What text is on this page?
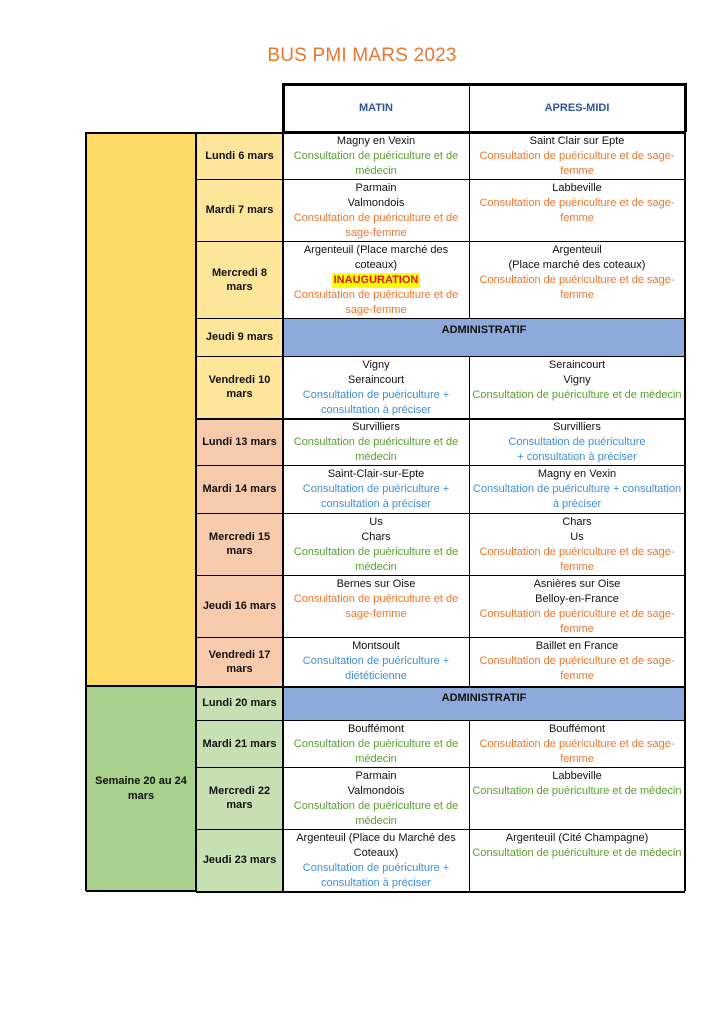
BUS PMI MARS 2023
Semaine 20 au 24 mars
MATIN	APRES-MIDI
Lundi 6 mars
Magny en Vexin
Consultation de puériculture et de médecin
Saint Clair sur Epte
Consultation de puériculture et de sage-femme
Mardi 7 mars
Parmain
Valmondois
Consultation de puériculture et de sage-femme
Labbeville
Consultation de puériculture et de sage-femme
Mercredi 8 mars
Argenteuil (Place marché des coteaux)
INAUGURATION
Consultation de puériculture et de sage-femme
Argenteuil
(Place marché des coteaux)
Consultation de puériculture et de sage-femme
Jeudi 9 mars
ADMINISTRATIF
Vendredi 10 mars
Vigny
Seraincourt
Consultation de puériculture + consultation à préciser
Seraincourt
Vigny
Consultation de puériculture et de médecin
Lundi 13 mars
Survilliers
Consultation de puériculture et de médecin
Survilliers
Consultation de puériculture
+ consultation à préciser
Mardi 14 mars
Saint-Clair-sur-Epte
Consultation de puériculture + consultation à préciser
Magny en Vexin
Consultation de puériculture + consultation à préciser
Mercredi 15 mars
Us
Chars
Consultation de puériculture et de médecin
Chars
Us
Consultation de puériculture et de sage-femme
Jeudi 16 mars
Bernes sur Oise
Consultation de puériculture et de sage-femme
Asnières sur Oise
Belloy-en-France
Consultation de puériculture et de sage-femme
Vendredi 17 mars
Montsoult
Consultation de puériculture + diététicienne
Baillet en France
Consultation de puériculture et de sage-femme
Lundi 20 mars	ADMINISTRATIF
Mardi 21 mars
Bouffémont
Consultation de puériculture et de médecin
Bouffémont
Consultation de puériculture et de sage-femme
Mercredi 22 mars
Parmain
Valmondois
Consultation de puériculture et de médecin
Labbeville
Consultation de puériculture et de médecin
Jeudi 23 mars
Argenteuil (Place du Marché des Coteaux)
Consultation de puériculture + consultation à préciser
Argenteuil (Cité Champagne)
Consultation de puériculture et de médecin
